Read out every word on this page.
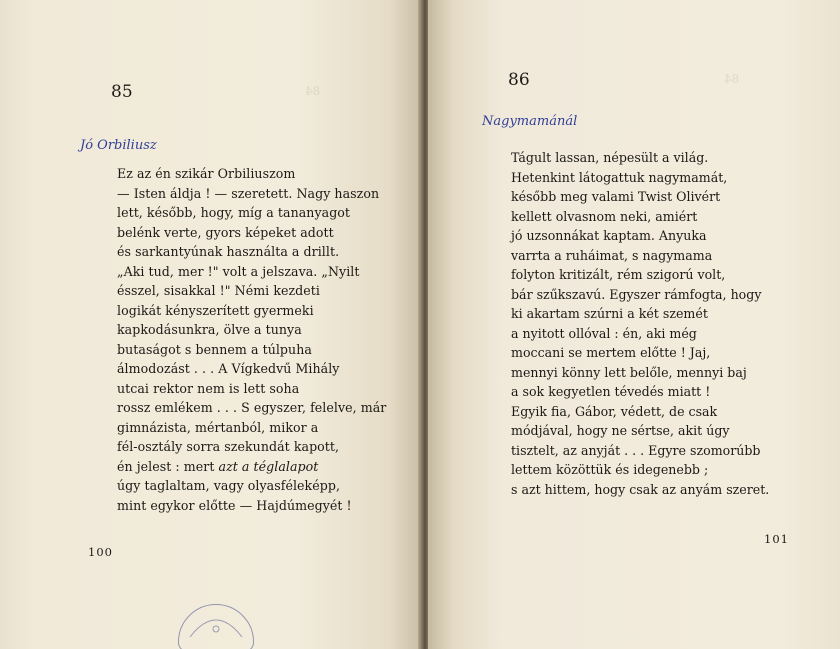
84
85
Jó Orbiliusz
Ez az én szikár Orbiliuszom
— Isten áldja ! — szeretett. Nagy haszon
lett, később, hogy, míg a tananyagot
belénk verte, gyors képeket adott
és sarkantyúnak használta a drillt.
„Aki tud, mer !" volt a jelszava. „Nyilt
ésszel, sisakkal !" Némi kezdeti
logikát kényszerített gyermeki
kapkodásunkra, ölve a tunya
butaságot s bennem a túlpuha
álmodozást . . . A Vígkedvű Mihály
utcai rektor nem is lett soha
rossz emlékem . . . S egyszer, felelve, már
gimnázista, mértanból, mikor a
fél-osztály sorra szekundát kapott,
én jelest : mert azt a téglalapot
úgy taglaltam, vagy olyasféleképp,
mint egykor előtte — Hajdúmegyét !
100
84
86
Nagymamánál
Tágult lassan, népesült a világ.
Hetenkint látogattuk nagymamát,
később meg valami Twist Olivért
kellett olvasnom neki, amiért
jó uzsonnákat kaptam. Anyuka
varrta a ruháimat, s nagymama
folyton kritizált, rém szigorú volt,
bár szűkszavú. Egyszer rámfogta, hogy
ki akartam szúrni a két szemét
a nyitott ollóval : én, aki még
moccani se mertem előtte ! Jaj,
mennyi könny lett belőle, mennyi baj
a sok kegyetlen tévedés miatt !
Egyik fia, Gábor, védett, de csak
módjával, hogy ne sértse, akit úgy
tisztelt, az anyját . . . Egyre szomorúbb
lettem közöttük és idegenebb ;
s azt hittem, hogy csak az anyám szeret.
101
